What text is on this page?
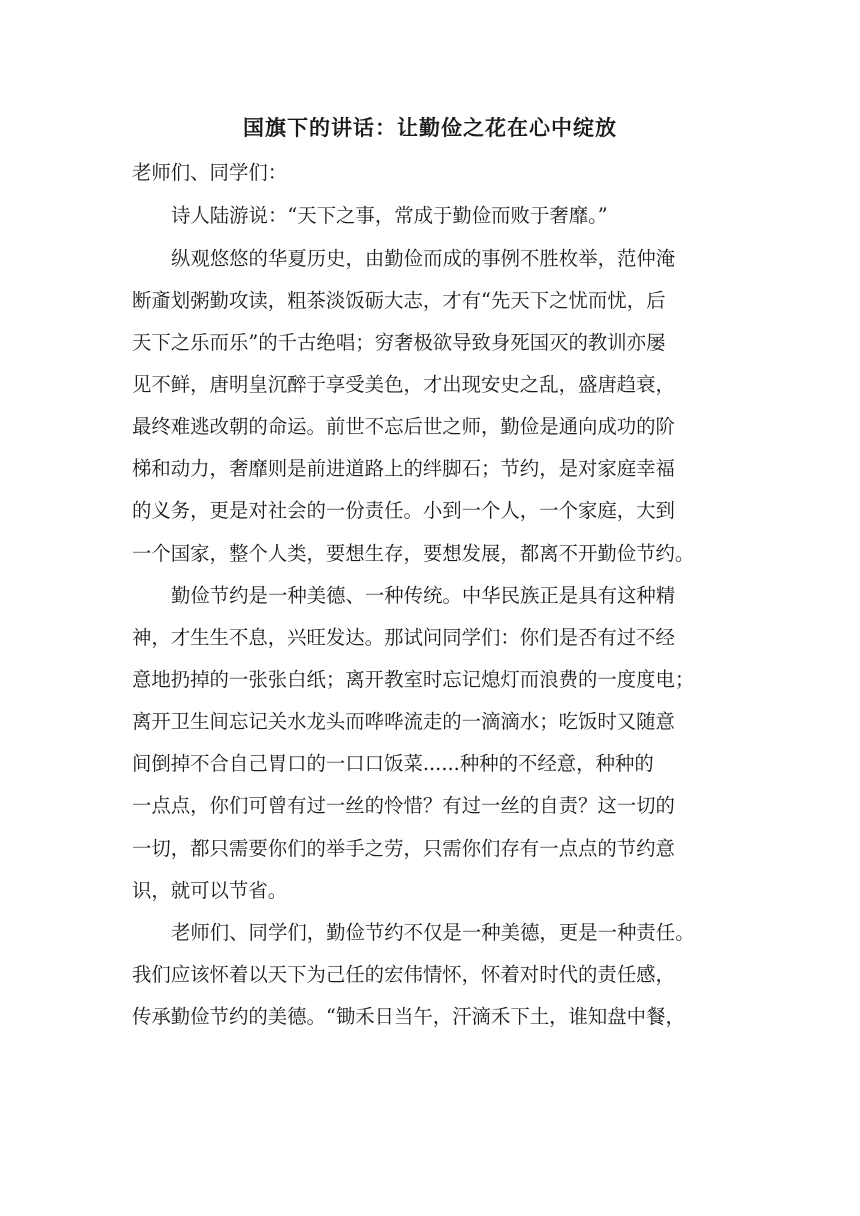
国旗下的讲话：让勤俭之花在心中绽放
老师们、同学们：
诗人陆游说：“天下之事，常成于勤俭而败于奢靡。”
纵观悠悠的华夏历史，由勤俭而成的事例不胜枚举，范仲淹
断齑划粥勤攻读，粗茶淡饭砺大志，才有“先天下之忧而忧，后
天下之乐而乐”的千古绝唱；穷奢极欲导致身死国灭的教训亦屡
见不鲜，唐明皇沉醉于享受美色，才出现安史之乱，盛唐趋衰，
最终难逃改朝的命运。前世不忘后世之师，勤俭是通向成功的阶
梯和动力，奢靡则是前进道路上的绊脚石；节约，是对家庭幸福
的义务，更是对社会的一份责任。小到一个人，一个家庭，大到
一个国家，整个人类，要想生存，要想发展，都离不开勤俭节约。
勤俭节约是一种美德、一种传统。中华民族正是具有这种精
神，才生生不息，兴旺发达。那试问同学们：你们是否有过不经
意地扔掉的一张张白纸；离开教室时忘记熄灯而浪费的一度度电；
离开卫生间忘记关水龙头而哗哗流走的一滴滴水；吃饭时又随意
间倒掉不合自己胃口的一口口饭菜......种种的不经意，种种的
一点点，你们可曾有过一丝的怜惜？有过一丝的自责？这一切的
一切，都只需要你们的举手之劳，只需你们存有一点点的节约意
识，就可以节省。
老师们、同学们，勤俭节约不仅是一种美德，更是一种责任。
我们应该怀着以天下为己任的宏伟情怀，怀着对时代的责任感，
传承勤俭节约的美德。“锄禾日当午，汗滴禾下土，谁知盘中餐，
